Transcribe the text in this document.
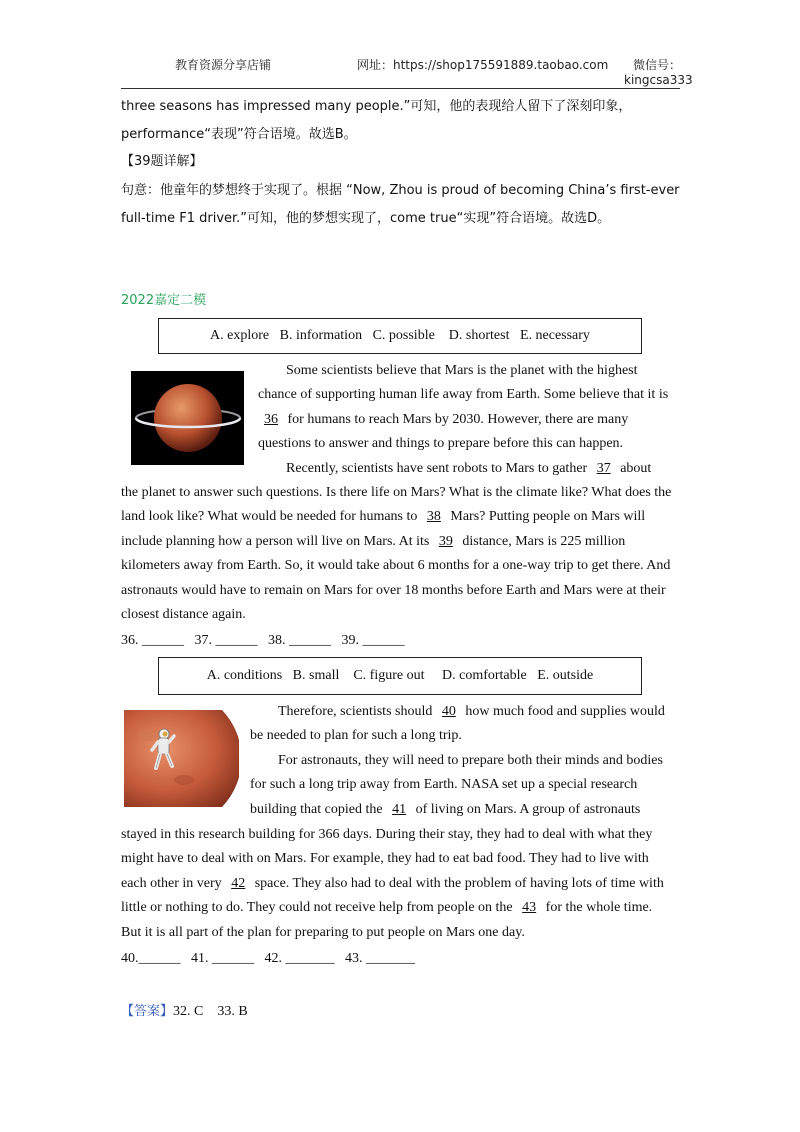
教育资源分享店铺	网址：https://shop175591889.taobao.com 微信号：
kingcsa333
three seasons has impressed many people.”可知，他的表现给人留下了深刻印象，
performance“表现”符合语境。故选B。
【39题详解】
句意：他童年的梦想终于实现了。根据 “Now, Zhou is proud of becoming China’s first-ever
full-time F1 driver.”可知，他的梦想实现了，come true“实现”符合语境。故选D。
2022嘉定二模
A. explore   B. information   C. possible    D. shortest   E. necessary
Some scientists believe that Mars is the planet with the highest
chance of supporting human life away from Earth. Some believe that it is
36 for humans to reach Mars by 2030. However, there are many
questions to answer and things to prepare before this can happen.
Recently, scientists have sent robots to Mars to gather 37 about
the planet to answer such questions. Is there life on Mars? What is the climate like? What does the
land look like? What would be needed for humans to 38 Mars? Putting people on Mars will
include planning how a person will live on Mars. At its 39 distance, Mars is 225 million
kilometers away from Earth. So, it would take about 6 months for a one-way trip to get there. And
astronauts would have to remain on Mars for over 18 months before Earth and Mars were at their
closest distance again.
36. ______   37. ______   38. ______   39. ______
A. conditions   B. small    C. figure out     D. comfortable   E. outside
Therefore, scientists should 40 how much food and supplies would
be needed to plan for such a long trip.
For astronauts, they will need to prepare both their minds and bodies
for such a long trip away from Earth. NASA set up a special research
building that copied the 41 of living on Mars. A group of astronauts
stayed in this research building for 366 days. During their stay, they had to deal with what they
might have to deal with on Mars. For example, they had to eat bad food. They had to live with
each other in very 42 space. They also had to deal with the problem of having lots of time with
little or nothing to do. They could not receive help from people on the 43 for the whole time.
But it is all part of the plan for preparing to put people on Mars one day.
40.______   41. ______   42. _______   43. _______
【答案】32. C    33. B
